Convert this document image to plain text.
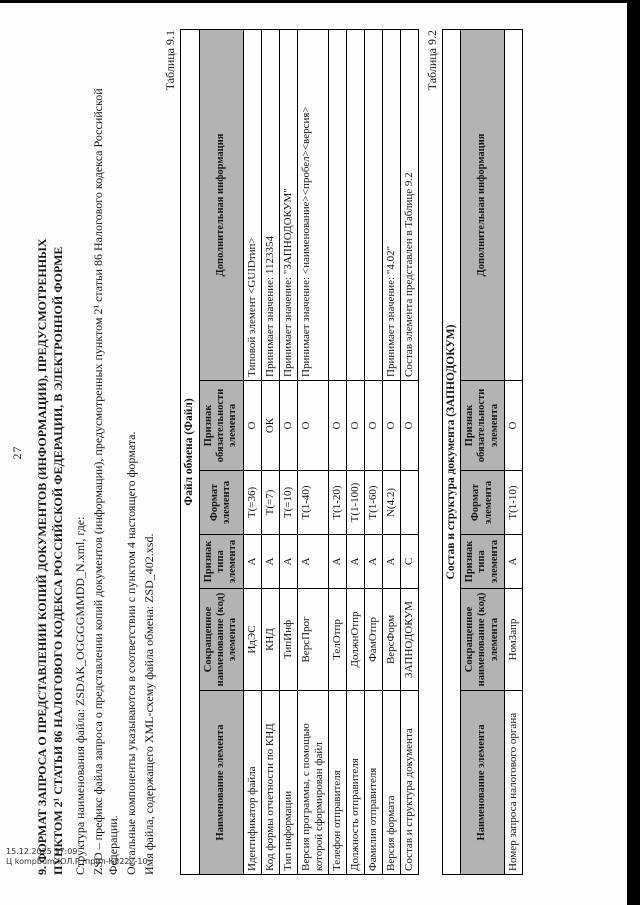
27 9. ФОРМАТ ЗАПРОСА О ПРЕДСТАВЛЕНИИ КОПИЙ ДОКУМЕНТОВ (ИНФОРМАЦИИ), ПРЕДУСМОТРЕННЫХ ПУНКТОМ 2¹ СТАТЬИ 86 НАЛОГОВОГО КОДЕКСА РОССИЙСКОЙ ФЕДЕРАЦИИ, В ЭЛЕКТРОННОЙ ФОРМЕ Структура наименования файла: ZSDAK_OGGGGMMDD_N.xml, где: ZSD – префикс файла запроса о представлении копий документов (информации), предусмотренных пунктом 2¹ статьи 86 Налогового кодекса Российской Федерации. Остальные компоненты указываются в соответствии с пунктом 4 настоящего формата. Имя файла, содержащего XML-схему файла обмена: ZSD_402.xsd.

Таблица 9.1
Файл обмена (Файл)					
Наименование элемента	Сокращенное наименование (код) элемента	Признак типа элемента	Формат элемента	Признак обязательности элемента	Дополнительная информация
Идентификатор файла	ИдЭС	А	Т(=36)	О	Типовой элемент <GUIDтип>
Код формы отчетности по КНД	КНД	А	Т(=7)	ОК	Принимает значение: 1123354
Тип информации	ТипИнф	А	Т(=10)	О	Принимает значение: "ЗАПНОДОКУМ"
Версия программы, с помощью которой сформирован файл	ВерсПрог	А	Т(1-40)	О	Принимает значение: <наименование><пробел><версия>
Телефон отправителя	ТелОтпр	А	Т(1-20)	О	
Должность отправителя	ДолжнОтпр	А	Т(1-100)	О	
Фамилия отправителя	ФамОтпр	А	Т(1-60)	О	
Версия формата	ВерсФорм	А	N(4.2)	О	Принимает значение: "4.02"
Состав и структура документа	ЗАПНОДОКУМ	С		О	Состав элемента представлен в Таблице 9.2
Таблица 9.2
Состав и структура документа (ЗАПНОДОКУМ)					
Наименование элемента	Сокращенное наименование (код) элемента	Признак типа элемента	Формат элемента	Признак обязательности элемента	Дополнительная информация
Номер запроса налогового органа	НомЗапр	А	Т(1-10)	О	
15.12.2025 17:09
Ц kompbum-ЮЛ.Р /прил-К8222-10
